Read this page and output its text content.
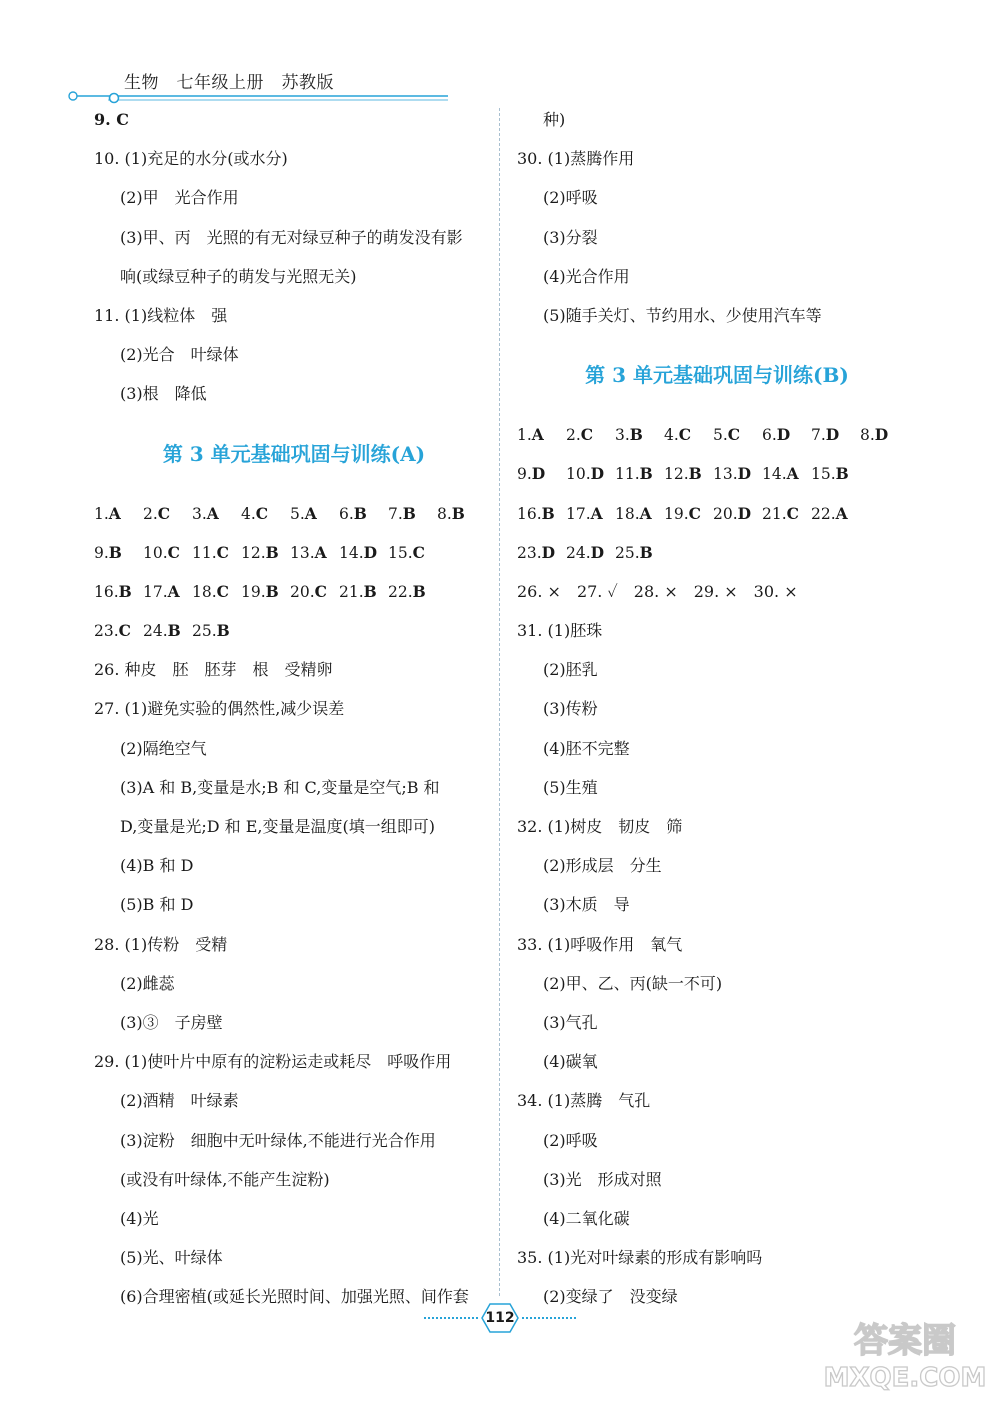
生物　七年级上册　苏教版
9. C
10. (1)充足的水分(或水分)
(2)甲　光合作用
(3)甲、丙　光照的有无对绿豆种子的萌发没有影
响(或绿豆种子的萌发与光照无关)
11. (1)线粒体　强
(2)光合　叶绿体
(3)根　降低
第 3 单元基础巩固与训练(A)
1.A	2.C	3.A	4.C	5.A	6.B	7.B	8.B
9.B	10.C 11.C 12.B 13.A 14.D 15.C
16.B 17.A 18.C 19.B 20.C 21.B 22.B
23.C 24.B 25.B
26. 种皮　胚　胚芽　根　受精卵
27. (1)避免实验的偶然性,减少误差
(2)隔绝空气
(3)A 和 B,变量是水;B 和 C,变量是空气;B 和
D,变量是光;D 和 E,变量是温度(填一组即可)
(4)B 和 D
(5)B 和 D
28. (1)传粉　受精
(2)雌蕊
(3)③　子房壁
29. (1)使叶片中原有的淀粉运走或耗尽　呼吸作用
(2)酒精　叶绿素
(3)淀粉　细胞中无叶绿体,不能进行光合作用
(或没有叶绿体,不能产生淀粉)
(4)光
(5)光、叶绿体
(6)合理密植(或延长光照时间、加强光照、间作套
种)
30. (1)蒸腾作用
(2)呼吸
(3)分裂
(4)光合作用
(5)随手关灯、节约用水、少使用汽车等
第 3 单元基础巩固与训练(B)
1.A	2.C	3.B	4.C	5.C	6.D	7.D	8.D
9.D	10.D 11.B 12.B 13.D 14.A 15.B
16.B 17.A 18.A 19.C 20.D 21.C 22.A
23.D 24.D 25.B
26. ×　27. ✓　28. ×　29. ×　30. ×
31. (1)胚珠
(2)胚乳
(3)传粉
(4)胚不完整
(5)生殖
32. (1)树皮　韧皮　筛
(2)形成层　分生
(3)木质　导
33. (1)呼吸作用　氧气
(2)甲、乙、丙(缺一不可)
(3)气孔
(4)碳氧
34. (1)蒸腾　气孔
(2)呼吸
(3)光　形成对照
(4)二氧化碳
35. (1)光对叶绿素的形成有影响吗
(2)变绿了　没变绿
112
答案圈
MXQE.COM
